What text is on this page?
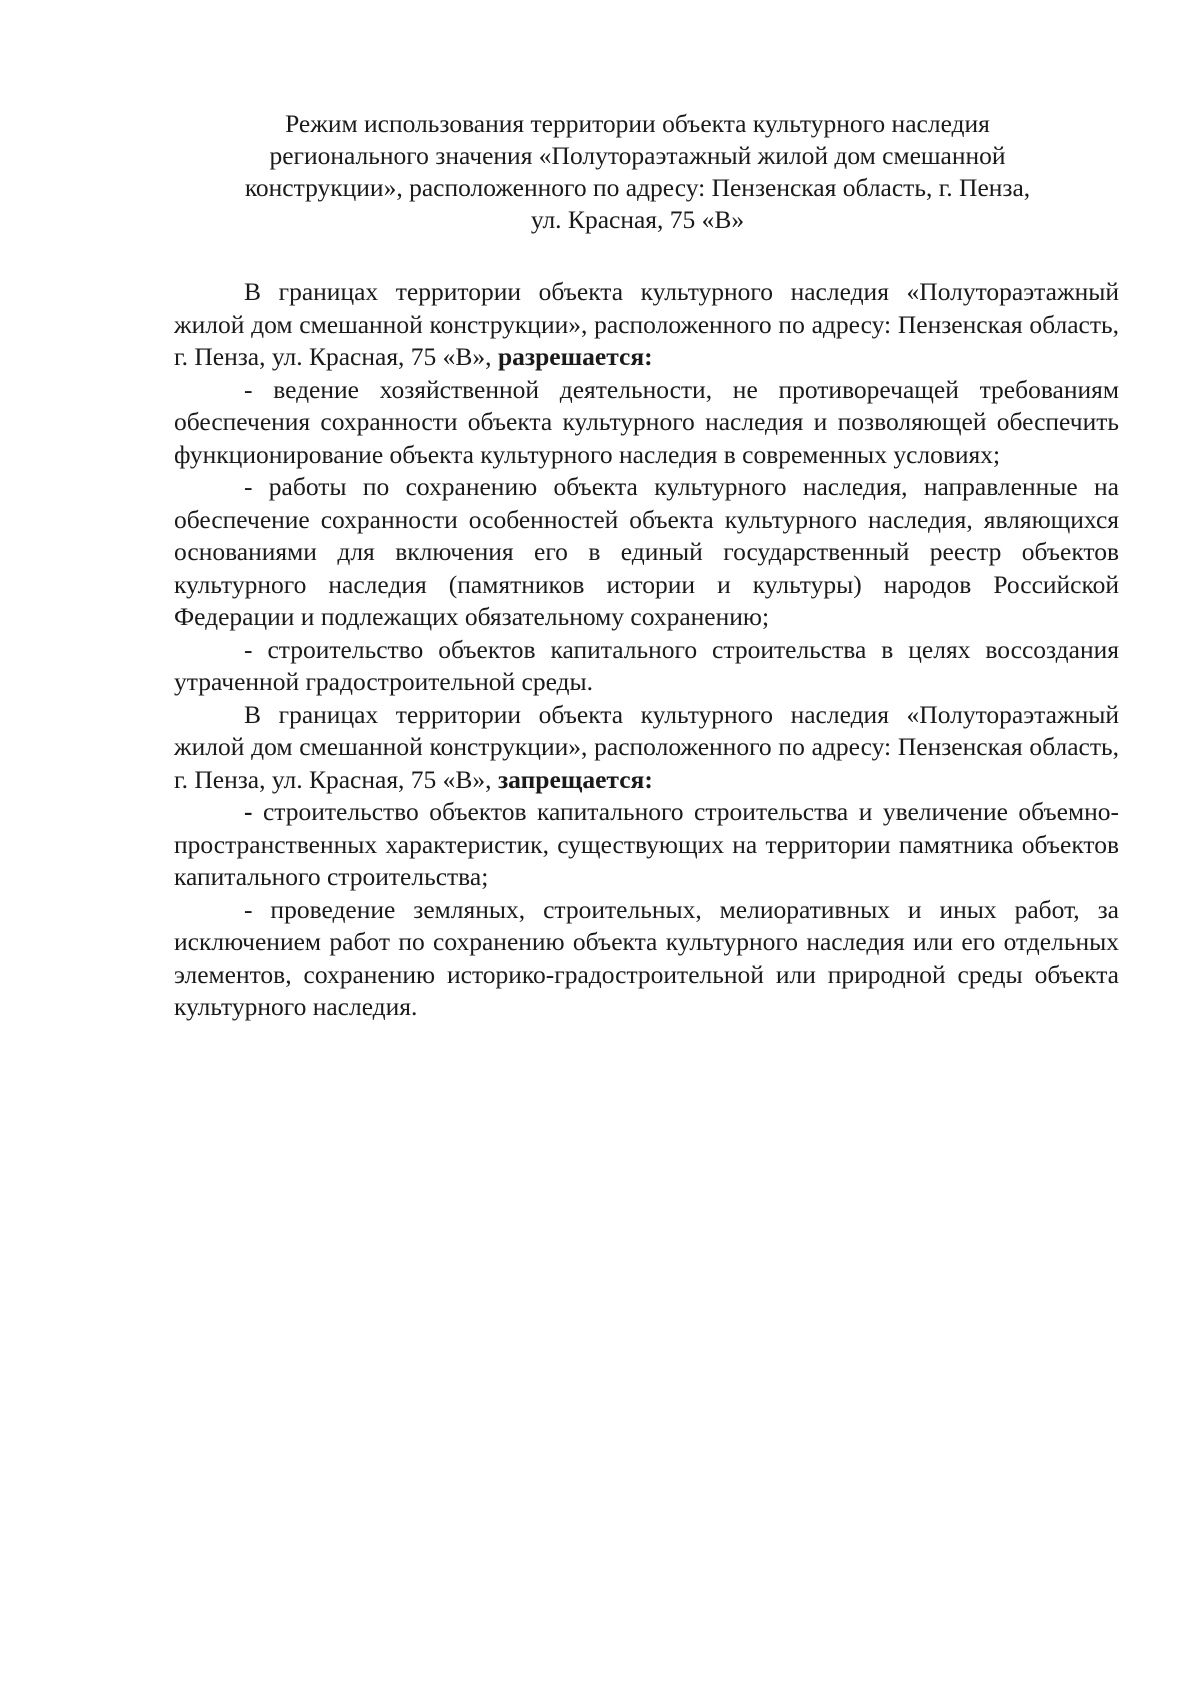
Режим использования территории объекта культурного наследия
регионального значения «Полутораэтажный жилой дом смешанной
конструкции», расположенного по адресу: Пензенская область, г. Пенза,
ул. Красная, 75 «В»

В границах территории объекта культурного наследия «Полутораэтажный жилой дом смешанной конструкции», расположенного по адресу: Пензенская область, г. Пенза, ул. Красная, 75 «В», разрешается:

- ведение хозяйственной деятельности, не противоречащей требованиям обеспечения сохранности объекта культурного наследия и позволяющей обеспечить функционирование объекта культурного наследия в современных условиях;

- работы по сохранению объекта культурного наследия, направленные на обеспечение сохранности особенностей объекта культурного наследия, являющихся основаниями для включения его в единый государственный реестр объектов культурного наследия (памятников истории и культуры) народов Российской Федерации и подлежащих обязательному сохранению;

- строительство объектов капитального строительства в целях воссоздания утраченной градостроительной среды.

В границах территории объекта культурного наследия «Полутораэтажный жилой дом смешанной конструкции», расположенного по адресу: Пензенская область, г. Пенза, ул. Красная, 75 «В», запрещается:

- строительство объектов капитального строительства и увеличение объемно-пространственных характеристик, существующих на территории памятника объектов капитального строительства;

- проведение земляных, строительных, мелиоративных и иных работ, за исключением работ по сохранению объекта культурного наследия или его отдельных элементов, сохранению историко-градостроительной или природной среды объекта культурного наследия.
